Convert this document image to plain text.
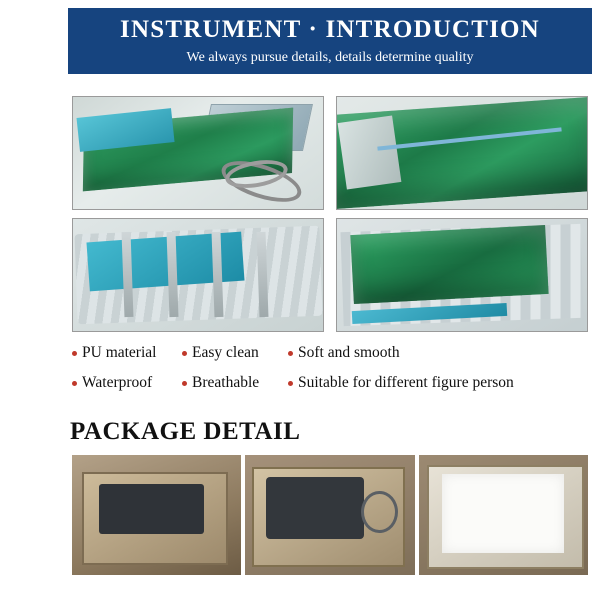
INSTRUMENT · INTRODUCTION
We always pursue details, details determine quality
PU material Easy clean	Soft and smooth
Waterproof	Breathable	Suitable for different figure person
PACKAGE DETAIL
